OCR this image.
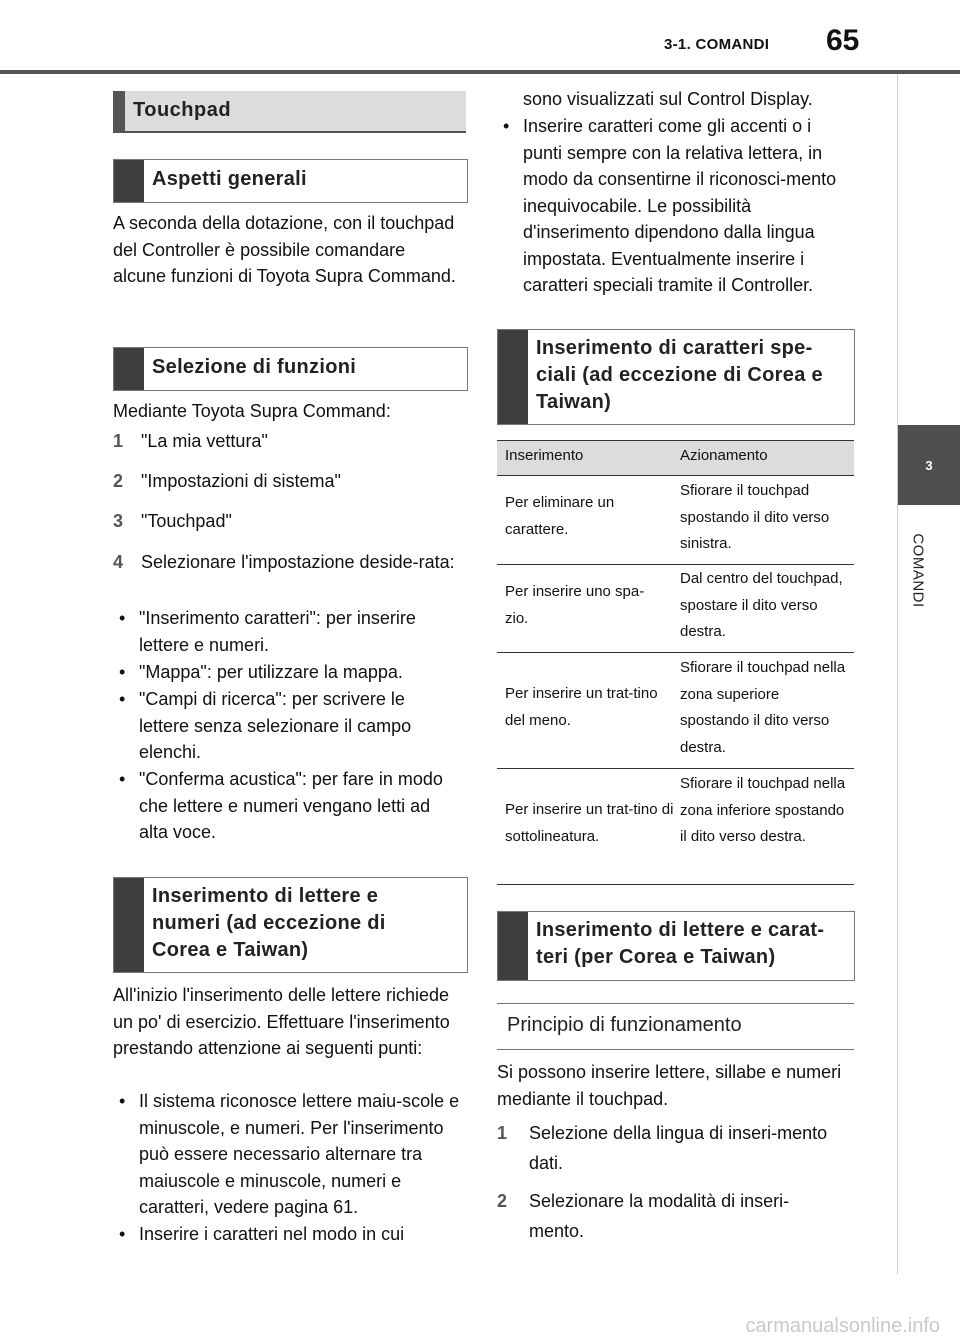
3-1. COMANDI 65
3
COMANDI
Touchpad
Aspetti generali
A seconda della dotazione, con il touchpad del Controller è possibile comandare alcune funzioni di Toyota Supra Command.
Selezione di funzioni
Mediante Toyota Supra Command:
1 "La mia vettura"
2 "Impostazioni di sistema"
3 "Touchpad"
4 Selezionare l'impostazione deside-rata:
• "Inserimento caratteri": per inserire lettere e numeri.
• "Mappa": per utilizzare la mappa.
• "Campi di ricerca": per scrivere le lettere senza selezionare il campo elenchi.
• "Conferma acustica": per fare in modo che lettere e numeri vengano letti ad alta voce.
Inserimento di lettere e numeri (ad eccezione di Corea e Taiwan)
All'inizio l'inserimento delle lettere richiede un po' di esercizio. Effettuare l'inserimento prestando attenzione ai seguenti punti:
• Il sistema riconosce lettere maiu-scole e minuscole, e numeri. Per l'inserimento può essere necessario alternare tra maiuscole e minuscole, numeri e caratteri, vedere pagina 61.
• Inserire i caratteri nel modo in cui
sono visualizzati sul Control Display.
• Inserire caratteri come gli accenti o i punti sempre con la relativa lettera, in modo da consentirne il riconosci-mento inequivocabile. Le possibilità d'inserimento dipendono dalla lingua impostata. Eventualmente inserire i caratteri speciali tramite il Controller.
Inserimento di caratteri spe-ciali (ad eccezione di Corea e Taiwan)
Inserimento	Azionamento
Per eliminare un carattere.
Sfiorare il touchpad spostando il dito verso sinistra.
Per inserire uno spa-zio.
Dal centro del touchpad, spostare il dito verso destra.
Per inserire un trat-tino del meno.
Sfiorare il touchpad nella zona superiore spostando il dito verso destra.
Per inserire un trat-tino di sottolineatura.
Sfiorare il touchpad nella zona inferiore spostando il dito verso destra.
Inserimento di lettere e carat-teri (per Corea e Taiwan)
Principio di funzionamento
Si possono inserire lettere, sillabe e numeri mediante il touchpad.
1 Selezione della lingua di inseri-mento dati.
2 Selezionare la modalità di inseri-mento.
carmanualsonline.info
